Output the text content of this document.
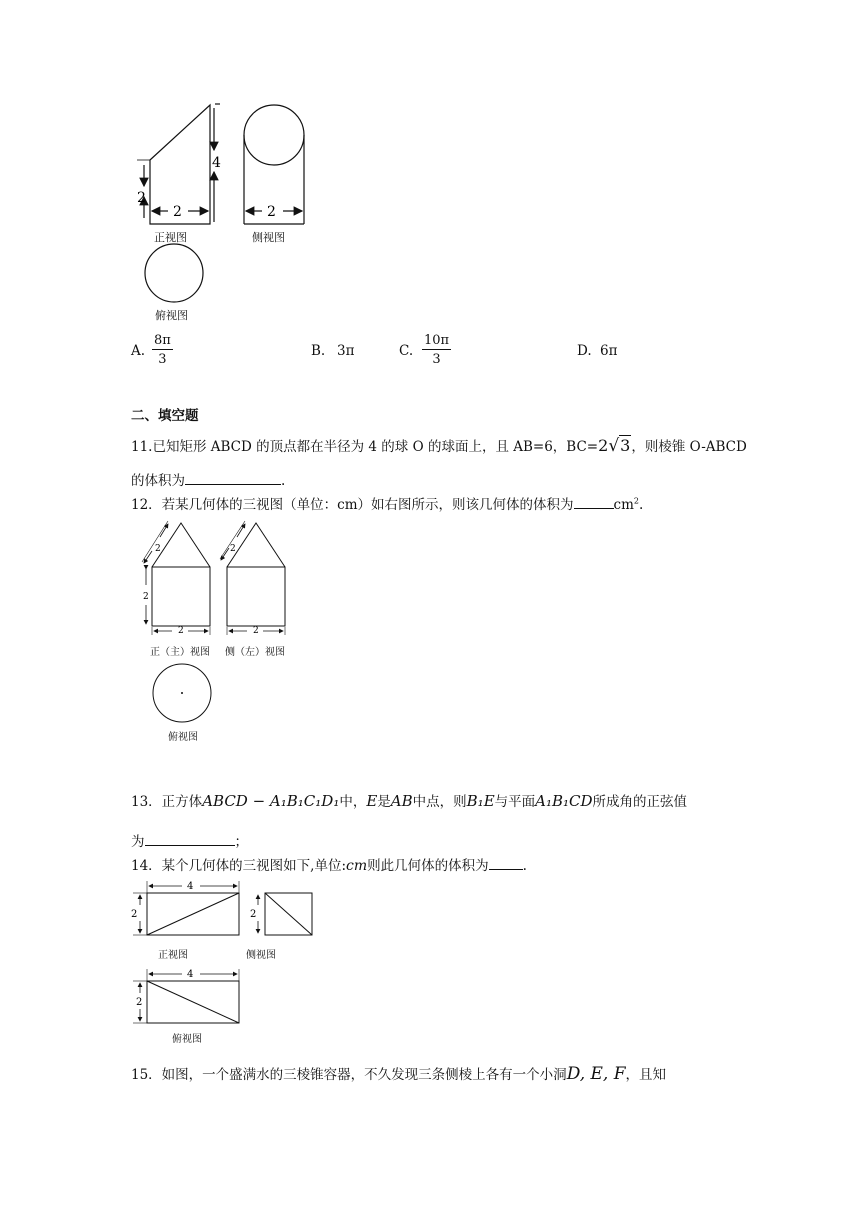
2
4
2	2
正视图	侧视图
俯视图
A. $\frac{8\pi}{3}$	B. 3π	C. $\frac{10\pi}{3}$	D. 6π
二、填空题
11.已知矩形 ABCD 的顶点都在半径为 4 的球 O 的球面上，且 AB=6，BC=2√3，则棱锥 O-ABCD
的体积为	.
12．若某几何体的三视图（单位：cm）如右图所示，则该几何体的体积为	$cm^2$.
2	2
2
2	2
正（主）视图 侧（左）视图
俯视图
13．正方体ABCD − A₁B₁C₁D₁中，E是AB中点，则B₁E与平面A₁B₁CD所成角的正弦值
为	；
14．某个几何体的三视图如下,单位:cm则此几何体的体积为	.
4
2	2
4
2
正视图	侧视图
俯视图
15．如图，一个盛满水的三棱锥容器，不久发现三条侧棱上各有一个小洞D, E, F，且知
